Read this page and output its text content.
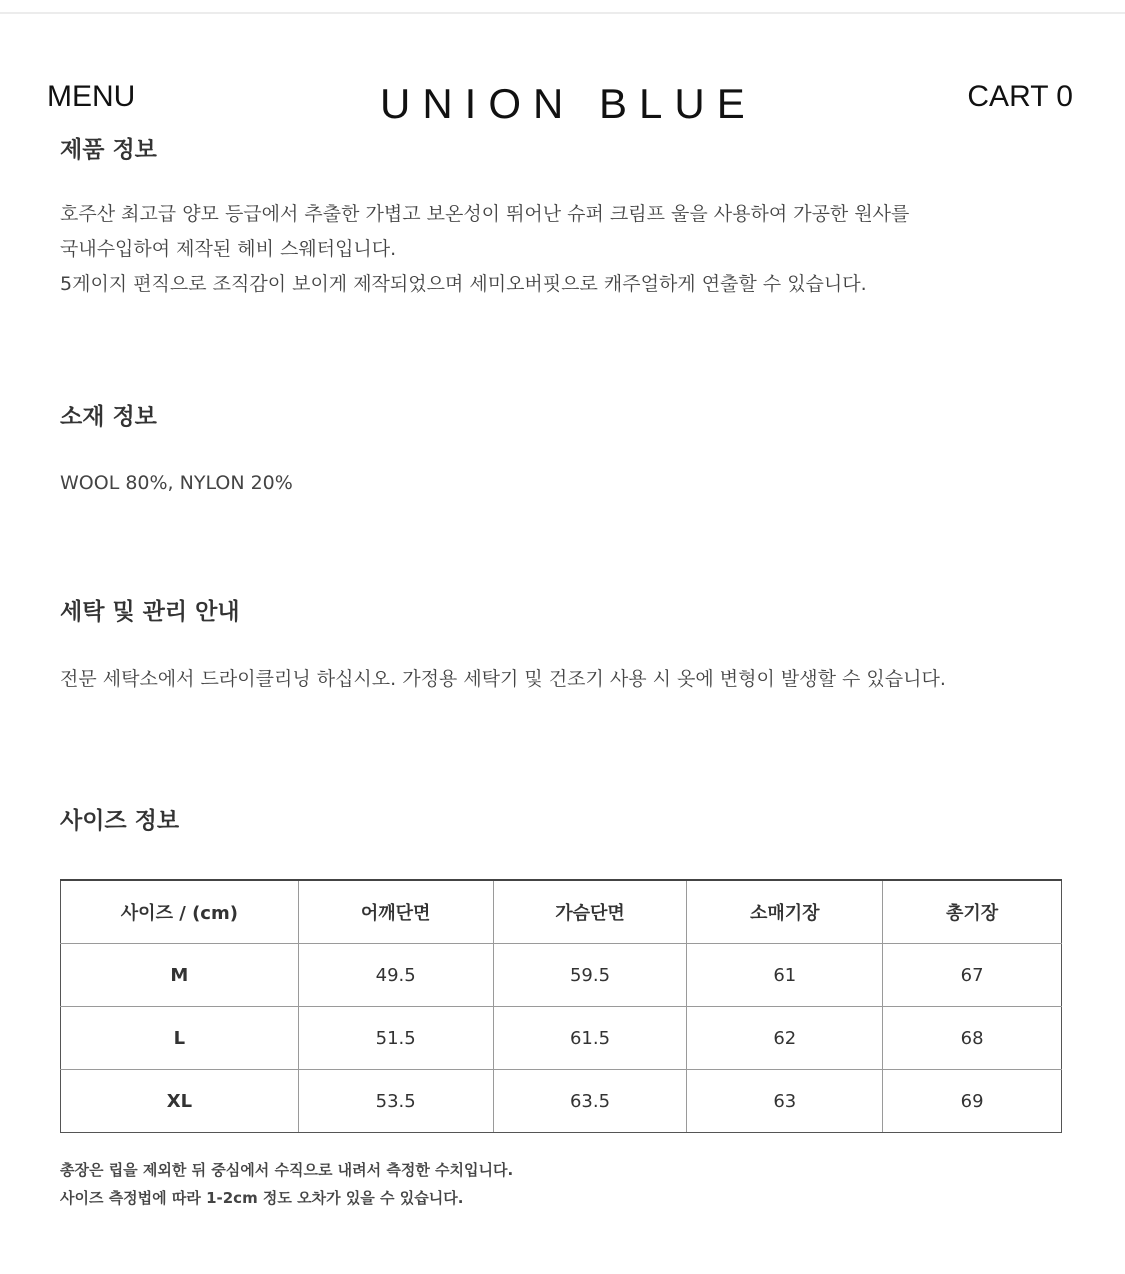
MENU	UNION BLUE	CART 0
제품 정보
호주산 최고급 양모 등급에서 추출한 가볍고 보온성이 뛰어난 슈퍼 크림프 울을 사용하여 가공한 원사를
국내수입하여 제작된 헤비 스웨터입니다.
5게이지 편직으로 조직감이 보이게 제작되었으며 세미오버핏으로 캐주얼하게 연출할 수 있습니다.
소재 정보
WOOL 80%, NYLON 20%
세탁 및 관리 안내
전문 세탁소에서 드라이클리닝 하십시오. 가정용 세탁기 및 건조기 사용 시 옷에 변형이 발생할 수 있습니다.
사이즈 정보
사이즈 / (cm)	어깨단면	가슴단면	소매기장	총기장
M	49.5	59.5	61	67
L	51.5	61.5	62	68
XL	53.5	63.5	63	69
총장은 립을 제외한 뒤 중심에서 수직으로 내려서 측정한 수치입니다.
사이즈 측정법에 따라 1-2cm 정도 오차가 있을 수 있습니다.
